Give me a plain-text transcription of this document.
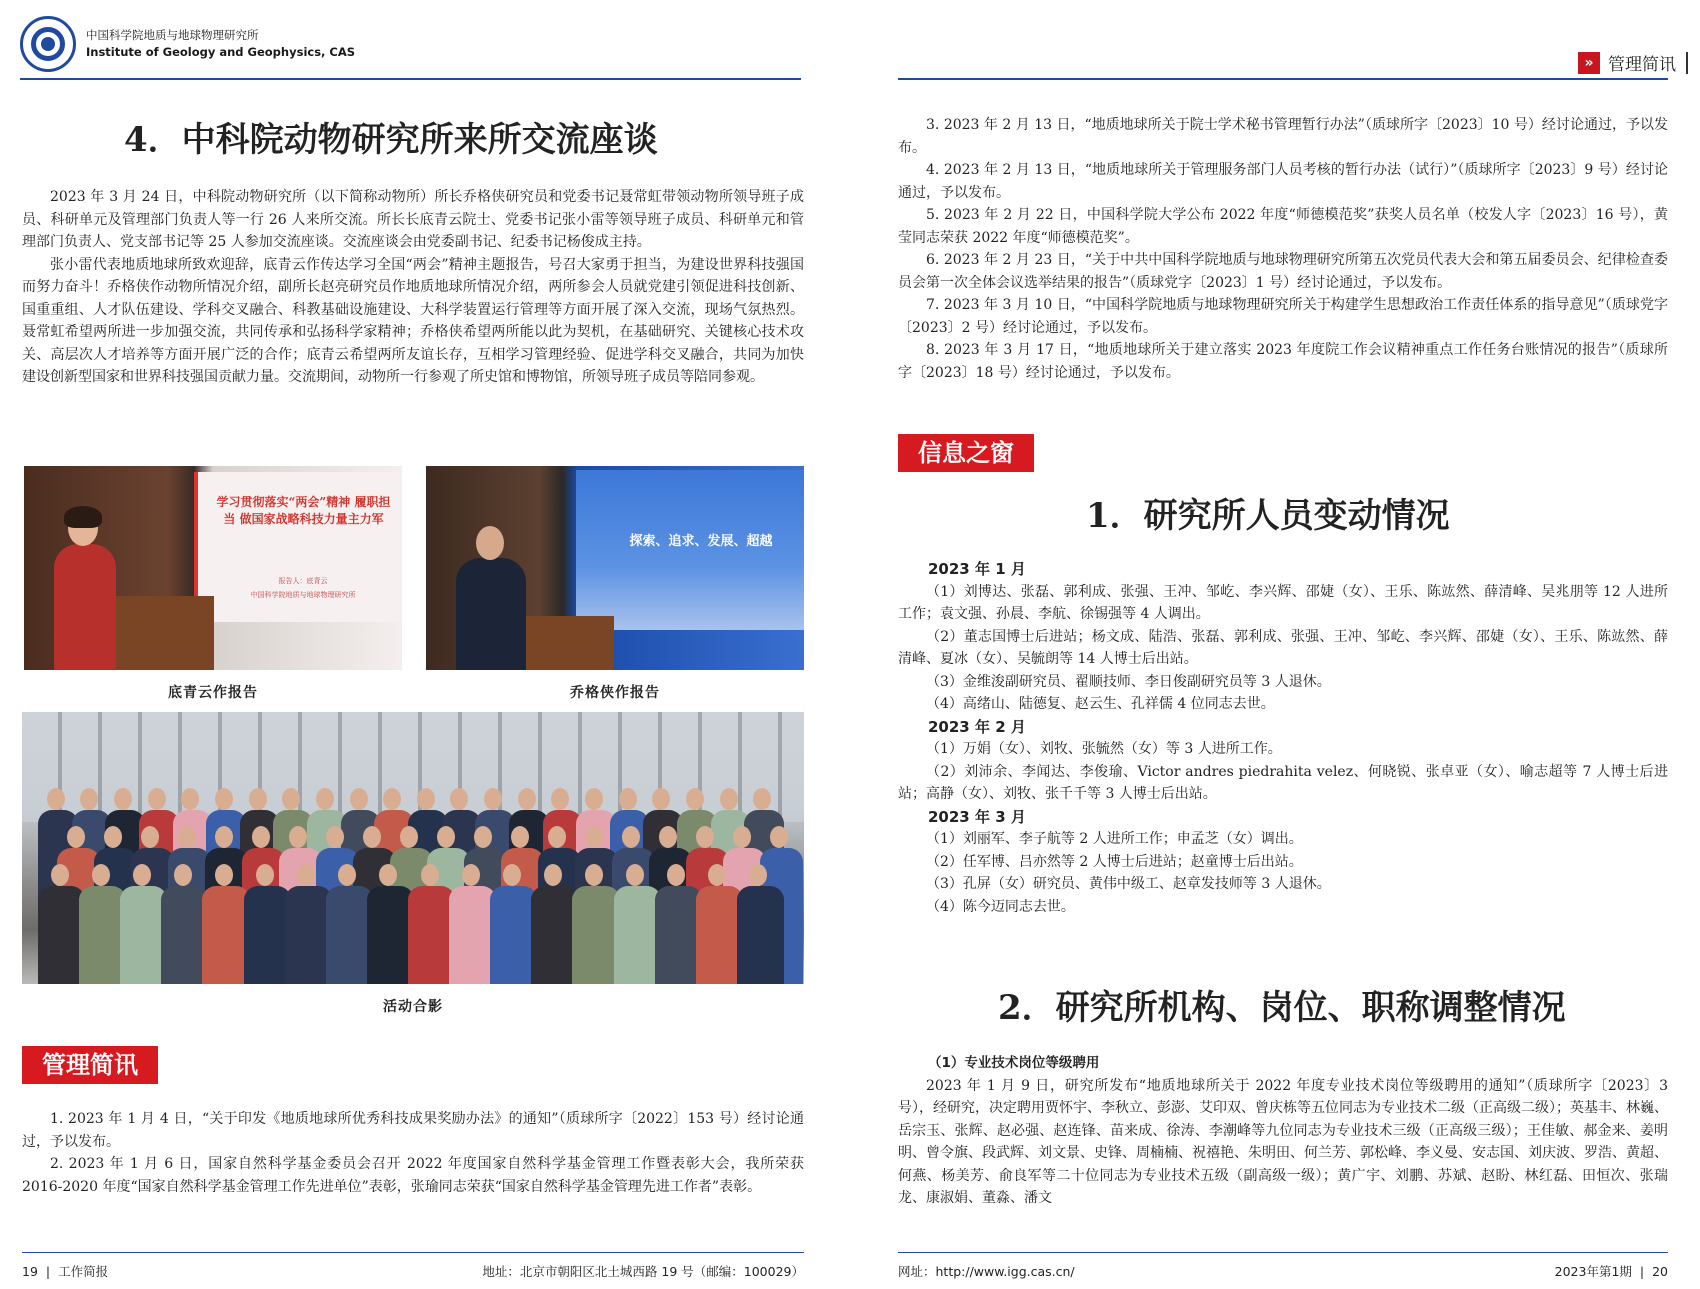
中国科学院地质与地球物理研究所
Institute of Geology and Geophysics, CAS
4．中科院动物研究所来所交流座谈

2023 年 3 月 24 日，中科院动物研究所（以下简称动物所）所长乔格侠研究员和党委书记聂常虹带领动物所领导班子成员、科研单元及管理部门负责人等一行 26 人来所交流。所长长底青云院士、党委书记张小雷等领导班子成员、科研单元和管理部门负责人、党支部书记等 25 人参加交流座谈。交流座谈会由党委副书记、纪委书记杨俊成主持。

张小雷代表地质地球所致欢迎辞，底青云作传达学习全国“两会”精神主题报告，号召大家勇于担当，为建设世界科技强国而努力奋斗！乔格侠作动物所情况介绍，副所长赵亮研究员作地质地球所情况介绍，两所参会人员就党建引领促进科技创新、国重重组、人才队伍建设、学科交叉融合、科教基础设施建设、大科学装置运行管理等方面开展了深入交流，现场气氛热烈。聂常虹希望两所进一步加强交流，共同传承和弘扬科学家精神；乔格侠希望两所能以此为契机，在基础研究、关键核心技术攻关、高层次人才培养等方面开展广泛的合作；底青云希望两所友谊长存，互相学习管理经验、促进学科交叉融合，共同为加快建设创新型国家和世界科技强国贡献力量。交流期间，动物所一行参观了所史馆和博物馆，所领导班子成员等陪同参观。

学习贯彻落实“两会”精神 履职担当 做国家战略科技力量主力军
报告人：底青云
中国科学院地质与地球物理研究所
底青云作报告
探索、追求、发展、超越
乔格侠作报告
活动合影
管理简讯

1. 2023 年 1 月 4 日，“关于印发《地质地球所优秀科技成果奖励办法》的通知”（质球所字〔2022〕153 号）经讨论通过，予以发布。

2. 2023 年 1 月 6 日，国家自然科学基金委员会召开 2022 年度国家自然科学基金管理工作暨表彰大会，我所荣获 2016-2020 年度“国家自然科学基金管理工作先进单位”表彰，张瑜同志荣获“国家自然科学基金管理先进工作者”表彰。

19 | 工作简报	地址：北京市朝阳区北土城西路 19 号（邮编：100029）
» 管理简讯

3. 2023 年 2 月 13 日，“地质地球所关于院士学术秘书管理暂行办法”（质球所字〔2023〕10 号）经讨论通过，予以发布。

4. 2023 年 2 月 13 日，“地质地球所关于管理服务部门人员考核的暂行办法（试行）”（质球所字〔2023〕9 号）经讨论通过，予以发布。

5. 2023 年 2 月 22 日，中国科学院大学公布 2022 年度“师德模范奖”获奖人员名单（校发人字〔2023〕16 号），黄莹同志荣获 2022 年度“师德模范奖”。

6. 2023 年 2 月 23 日，“关于中共中国科学院地质与地球物理研究所第五次党员代表大会和第五届委员会、纪律检查委员会第一次全体会议选举结果的报告”（质球党字〔2023〕1 号）经讨论通过，予以发布。

7. 2023 年 3 月 10 日，“中国科学院地质与地球物理研究所关于构建学生思想政治工作责任体系的指导意见”（质球党字〔2023〕2 号）经讨论通过，予以发布。

8. 2023 年 3 月 17 日，“地质地球所关于建立落实 2023 年度院工作会议精神重点工作任务台账情况的报告”（质球所字〔2023〕18 号）经讨论通过，予以发布。

信息之窗
1．研究所人员变动情况
2023 年 1 月

（1）刘博达、张磊、郭利成、张强、王冲、邹屹、李兴辉、邵婕（女）、王乐、陈竑然、薛清峰、吴兆朋等 12 人进所工作；袁文强、孙晨、李航、徐锡强等 4 人调出。

（2）董志国博士后进站；杨文成、陆浩、张磊、郭利成、张强、王冲、邹屹、李兴辉、邵婕（女）、王乐、陈竑然、薛清峰、夏冰（女）、吴毓朗等 14 人博士后出站。

（3）金维浚副研究员、翟顺技师、李日俊副研究员等 3 人退休。

（4）高绪山、陆德复、赵云生、孔祥儒 4 位同志去世。

2023 年 2 月

（1）万娟（女）、刘牧、张毓然（女）等 3 人进所工作。

（2）刘沛余、李闻达、李俊瑜、Victor andres piedrahita velez、何晓锐、张卓亚（女）、喻志超等 7 人博士后进站；高静（女）、刘牧、张千千等 3 人博士后出站。

2023 年 3 月

（1）刘丽军、李子航等 2 人进所工作；申孟芝（女）调出。

（2）任军博、吕亦然等 2 人博士后进站；赵童博士后出站。

（3）孔屏（女）研究员、黄伟中级工、赵章发技师等 3 人退休。

（4）陈今迈同志去世。

2．研究所机构、岗位、职称调整情况
（1）专业技术岗位等级聘用

2023 年 1 月 9 日，研究所发布“地质地球所关于 2022 年度专业技术岗位等级聘用的通知”（质球所字〔2023〕3 号），经研究，决定聘用贾怀宇、李秋立、彭澎、艾印双、曾庆栋等五位同志为专业技术二级（正高级二级）；英基丰、林巍、岳宗玉、张辉、赵必强、赵连锋、苗来成、徐涛、李潮峰等九位同志为专业技术三级（正高级三级）；王佳敏、郝金来、姜明明、曾令旗、段武辉、刘文景、史锋、周楠楠、祝禧艳、朱明田、何兰芳、郭松峰、李义曼、安志国、刘庆波、罗浩、黄超、何燕、杨美芳、俞良军等二十位同志为专业技术五级（副高级一级）；黄广宇、刘鹏、苏斌、赵盼、林红磊、田恒次、张瑞龙、康淑娟、董淼、潘文

网址：http://www.igg.cas.cn/	2023年第1期 | 20
